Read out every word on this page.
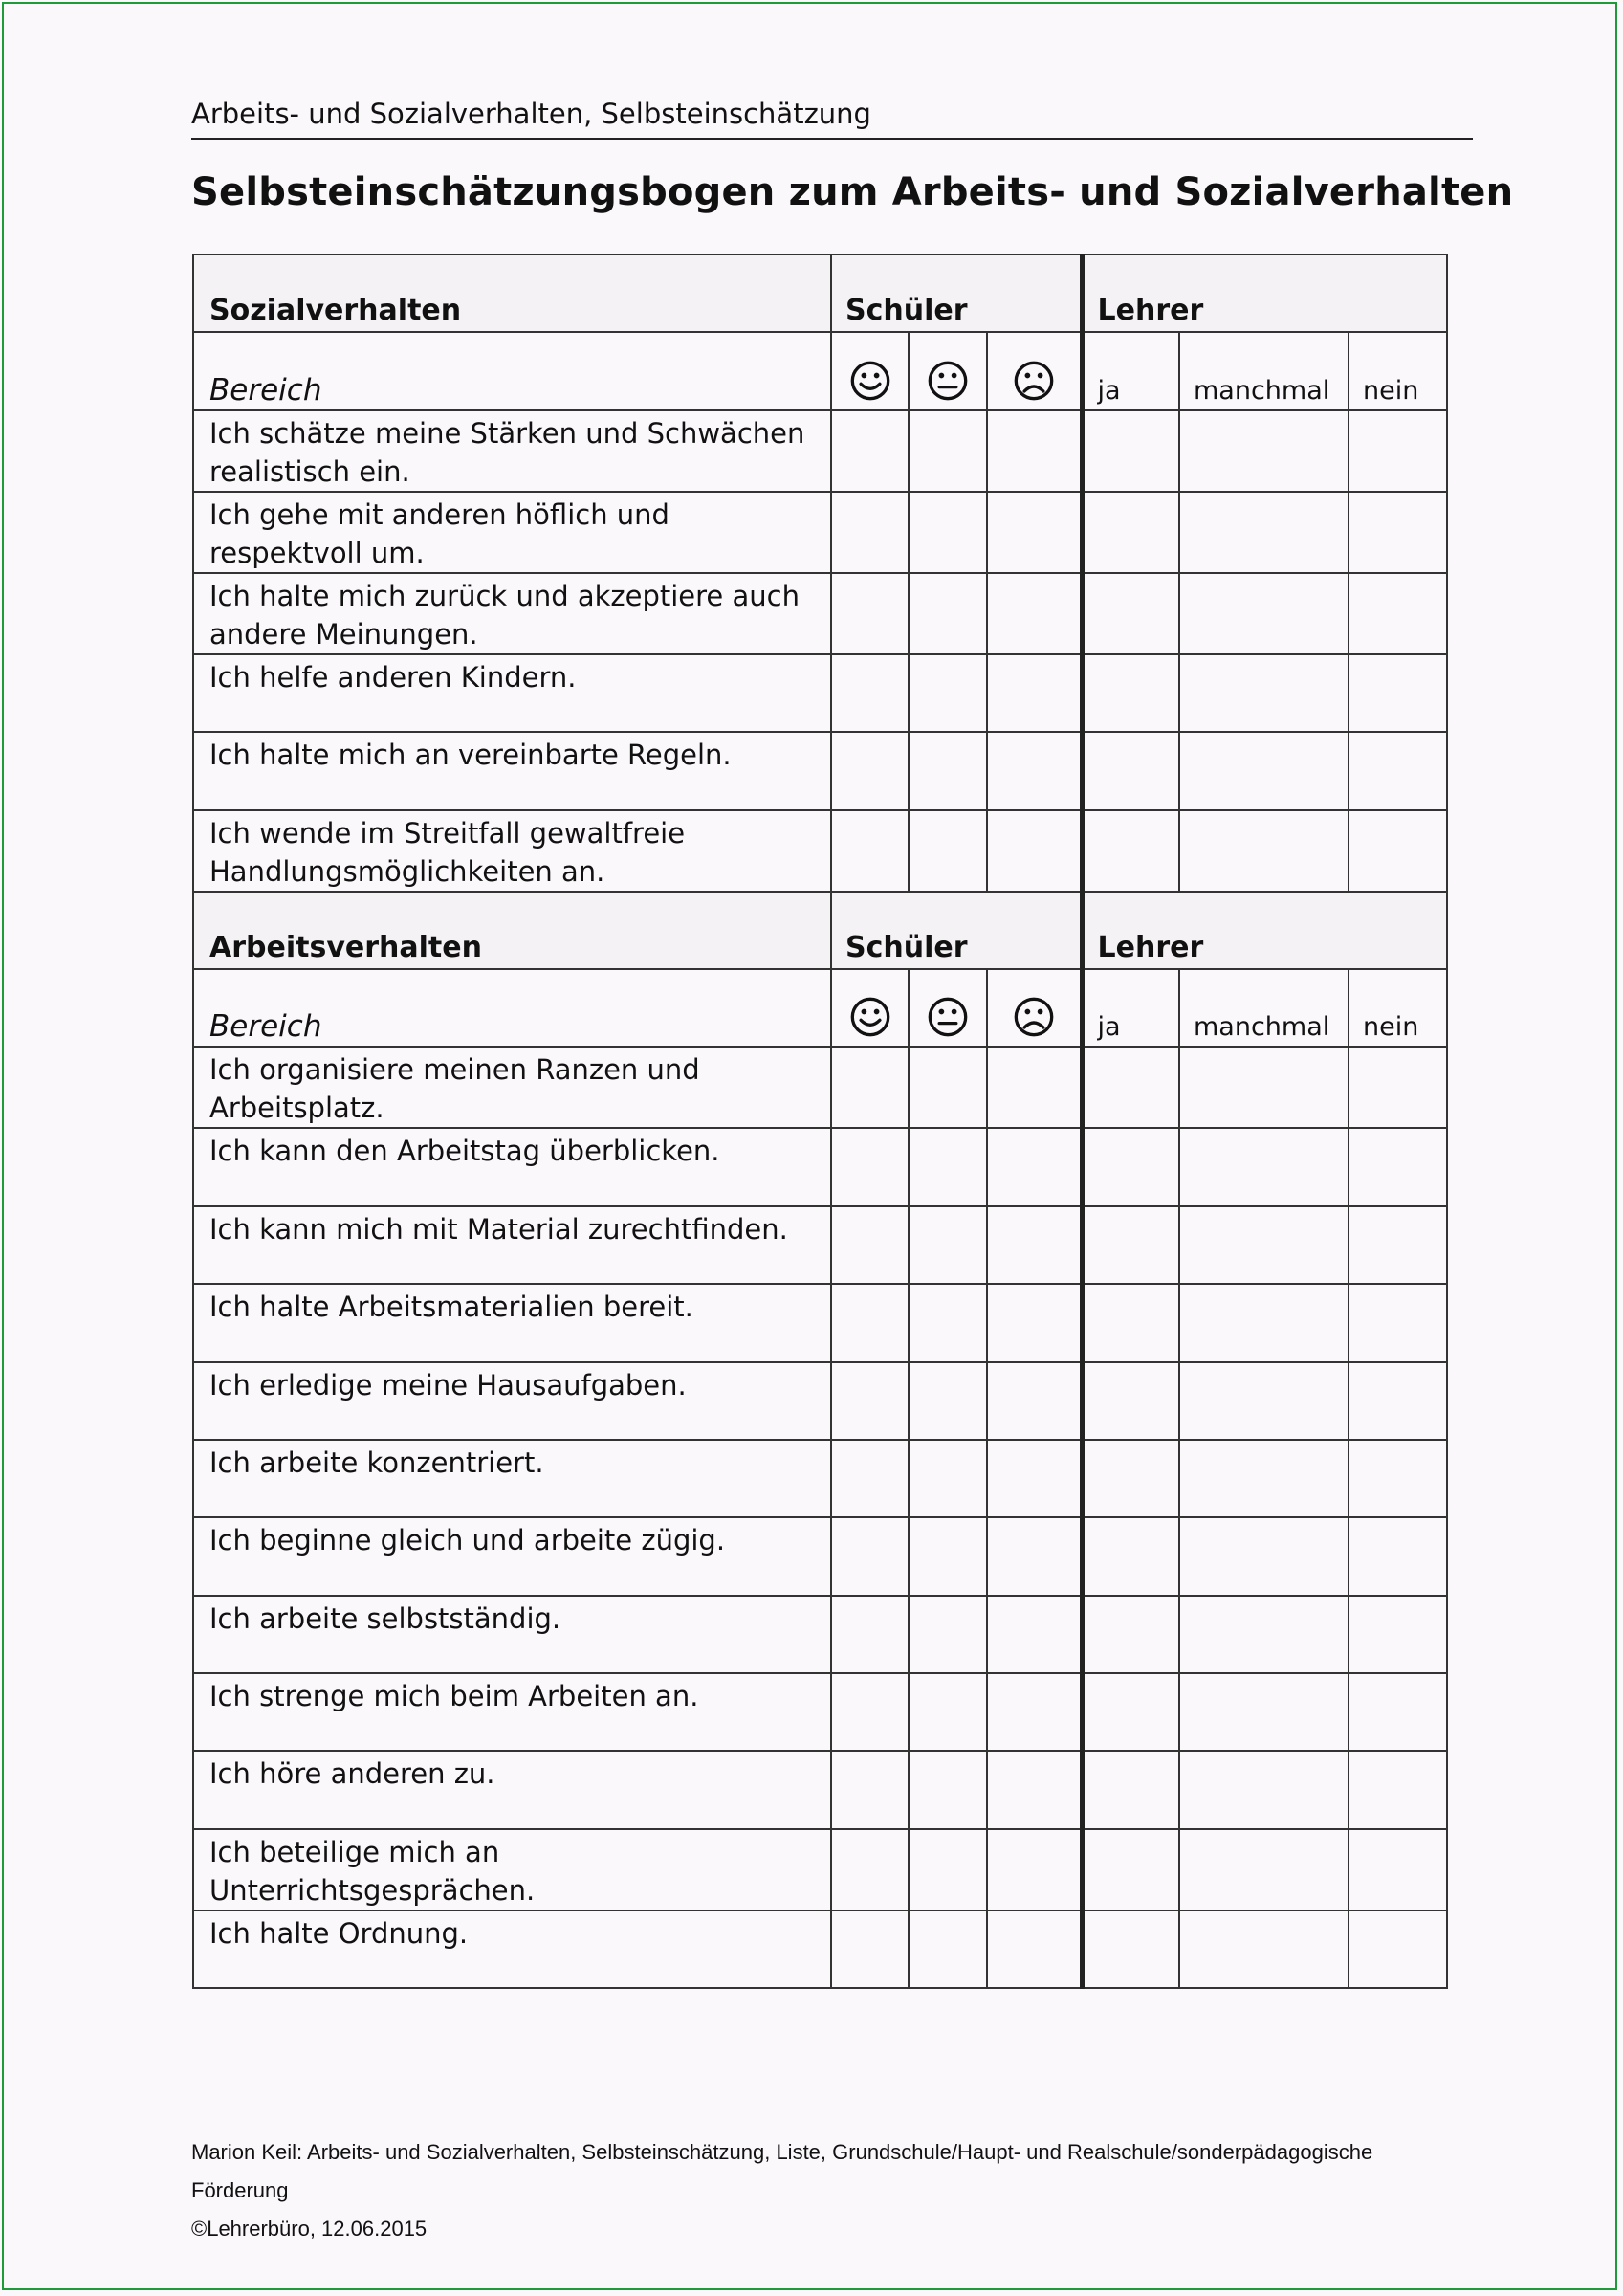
Arbeits- und Sozialverhalten, Selbsteinschätzung
Selbsteinschätzungsbogen zum Arbeits- und Sozialverhalten
Sozialverhalten	Schüler			Lehrer		

Bereich				ja	manchmal	nein

Ich schätze meine Stärken und Schwächen realistisch ein.						

Ich gehe mit anderen höflich und respektvoll um.						

Ich halte mich zurück und akzeptiere auch andere Meinungen.						

Ich helfe anderen Kindern.						

Ich halte mich an vereinbarte Regeln.						

Ich wende im Streitfall gewaltfreie Handlungsmöglichkeiten an.						

Arbeitsverhalten	Schüler			Lehrer		

Bereich				ja	manchmal	nein

Ich organisiere meinen Ranzen und Arbeitsplatz.						

Ich kann den Arbeitstag überblicken.						

Ich kann mich mit Material zurechtfinden.						

Ich halte Arbeitsmaterialien bereit.						

Ich erledige meine Hausaufgaben.						

Ich arbeite konzentriert.						

Ich beginne gleich und arbeite zügig.						

Ich arbeite selbstständig.						

Ich strenge mich beim Arbeiten an.						

Ich höre anderen zu.						

Ich beteilige mich an Unterrichtsgesprächen.						

Ich halte Ordnung.						

Marion Keil: Arbeits- und Sozialverhalten, Selbsteinschätzung, Liste, Grundschule/Haupt- und Realschule/sonderpädagogische Förderung
©Lehrerbüro, 12.06.2015
